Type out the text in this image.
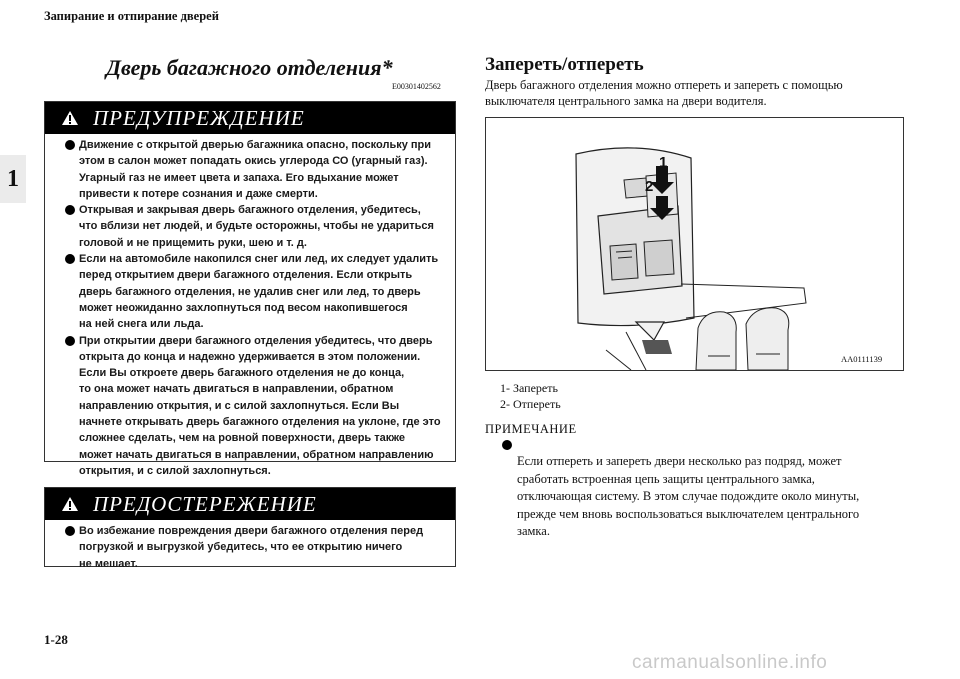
Запирание и отпирание дверей
1
Дверь багажного отделения*
E00301402562
ПРЕДУПРЕЖДЕНИЕ
Движение с открытой дверью багажника опасно, поскольку при
этом в салон может попадать окись углерода СО (угарный газ).
Угарный газ не имеет цвета и запаха. Его вдыхание может
привести к потере сознания и даже смерти.
Открывая и закрывая дверь багажного отделения, убедитесь,
что вблизи нет людей, и будьте осторожны, чтобы не удариться
головой и не прищемить руки, шею и т. д.
Если на автомобиле накопился снег или лед, их следует удалить
перед открытием двери багажного отделения. Если открыть
дверь багажного отделения, не удалив снег или лед, то дверь
может неожиданно захлопнуться под весом накопившегося
на ней снега или льда.
При открытии двери багажного отделения убедитесь, что дверь
открыта до конца и надежно удерживается в этом положении.
Если Вы откроете дверь багажного отделения не до конца,
то она может начать двигаться в направлении, обратном
направлению открытия, и с силой захлопнуться. Если Вы
начнете открывать дверь багажного отделения на уклоне, где это
сложнее сделать, чем на ровной поверхности, дверь также
может начать двигаться в направлении, обратном направлению
открытия, и с силой захлопнуться.
ПРЕДОСТЕРЕЖЕНИЕ
Во избежание повреждения двери багажного отделения перед
погрузкой и выгрузкой убедитесь, что ее открытию ничего
не мешает.
Запереть/отпереть
Дверь багажного отделения можно отпереть и запереть с помощью
выключателя центрального замка на двери водителя.
1
2
AA0111139
1- Запереть
2- Отпереть
ПРИМЕЧАНИЕ

Если отпереть и запереть двери несколько раз подряд, может
сработать встроенная цепь защиты центрального замка,
отключающая систему. В этом случае подождите около минуты,
прежде чем вновь воспользоваться выключателем центрального
замка.

1-28
carmanualsonline.info
